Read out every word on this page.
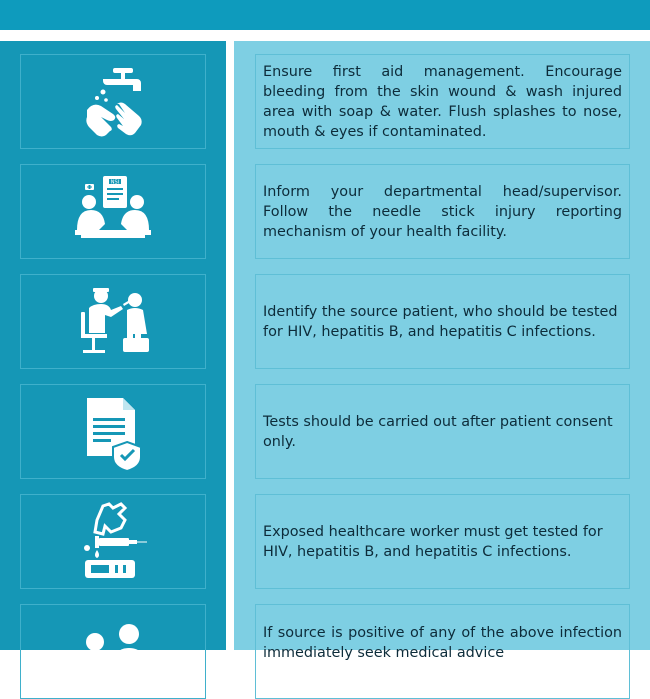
Ensure first aid management. Encourage bleeding from the skin wound & wash injured area with soap & water. Flush splashes to nose, mouth & eyes if contaminated.

NSI

Inform your departmental head/supervisor. Follow the needle stick injury reporting mechanism of your health facility.

Identify the source patient, who should be tested for HIV, hepatitis B, and hepatitis C infections.

Tests should be carried out after patient consent only.

Exposed healthcare worker must get tested for HIV, hepatitis B, and hepatitis C infections.

If source is positive of any of the above infection immediately seek medical advice
